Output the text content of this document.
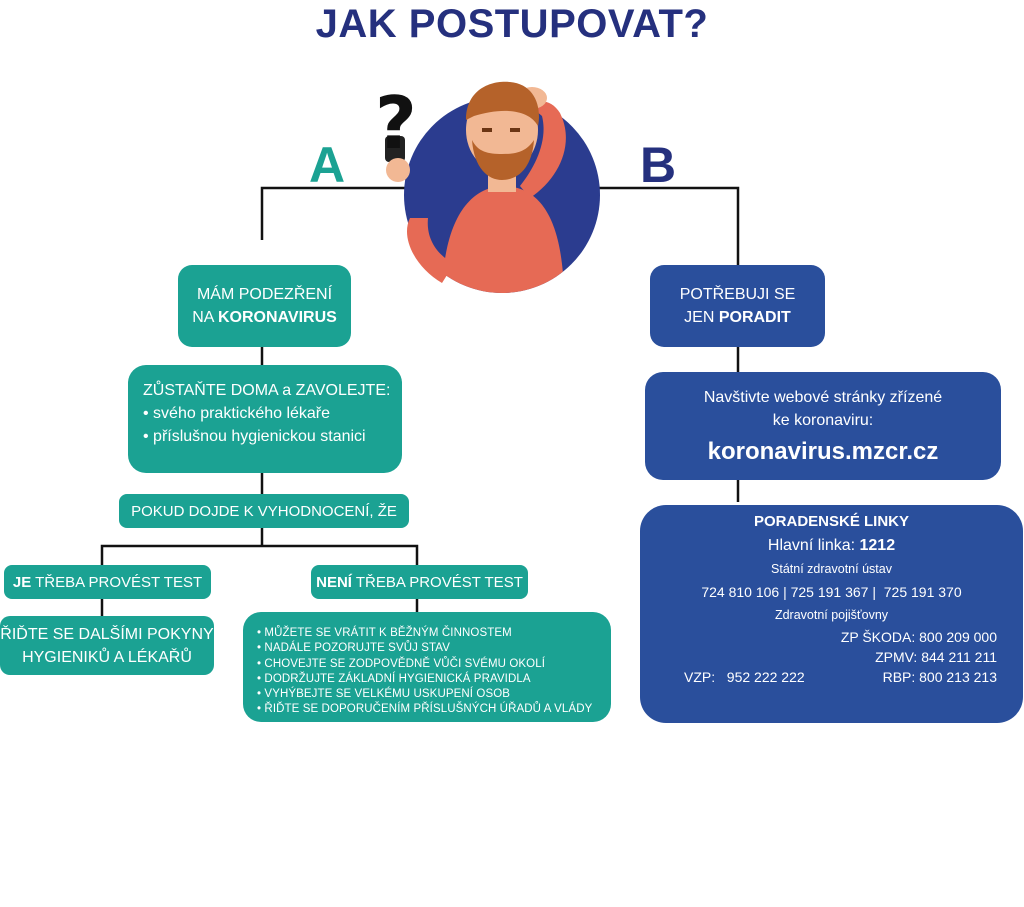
JAK POSTUPOVAT?
?
A	B
MÁM PODEZŘENÍ
NA KORONAVIRUS
ZŮSTAŇTE DOMA a ZAVOLEJTE:
• svého praktického lékaře
• příslušnou hygienickou stanici
POKUD DOJDE K VYHODNOCENÍ, ŽE
JE TŘEBA PROVÉST TEST	NENÍ TŘEBA PROVÉST TEST
ŘIĎTE SE DALŠÍMI POKYNY
HYGIENIKŮ A LÉKAŘŮ
• MŮŽETE SE VRÁTIT K BĚŽNÝM ČINNOSTEM
• NADÁLE POZORUJTE SVŮJ STAV
• CHOVEJTE SE ZODPOVĚDNĚ VŮČI SVÉMU OKOLÍ
• DODRŽUJTE ZÁKLADNÍ HYGIENICKÁ PRAVIDLA
• VYHÝBEJTE SE VELKÉMU USKUPENÍ OSOB
• ŘIĎTE SE DOPORUČENÍM PŘÍSLUŠNÝCH ÚŘADŮ A VLÁDY
POTŘEBUJI SE
JEN PORADIT
Navštivte webové stránky zřízené
ke koronaviru:
koronavirus.mzcr.cz
PORADENSKÉ LINKY
Hlavní linka: 1212
Státní zdravotní ústav
724 810 106 | 725 191 367 |  725 191 370
Zdravotní pojišťovny

VZP:   952 222 222

VoZP: 844 888 888

ČPZP: 810 800 000

OZP:   261 105 555

ZP ŠKODA: 800 209 000
ZPMV: 844 211 211
RBP: 800 213 213
